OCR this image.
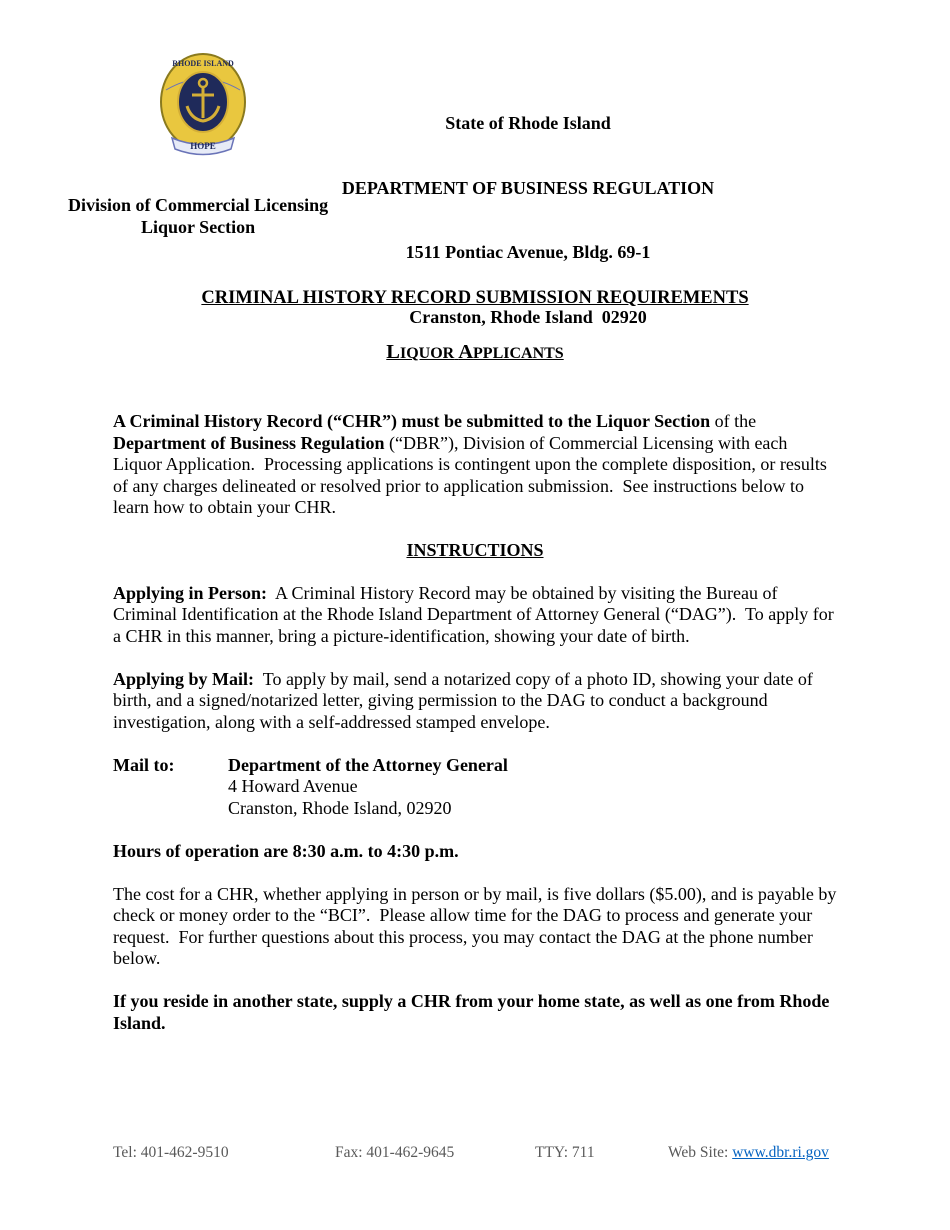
RHODE ISLAND
HOPE

State of Rhode Island

DEPARTMENT OF BUSINESS REGULATION

1511 Pontiac Avenue, Bldg. 69-1

Cranston, Rhode Island  02920

Division of Commercial Licensing
Liquor Section
CRIMINAL HISTORY RECORD SUBMISSION REQUIREMENTS
LIQUOR APPLICANTS

A Criminal History Record (“CHR”) must be submitted to the Liquor Section of the Department of Business Regulation (“DBR”), Division of Commercial Licensing with each Liquor Application.  Processing applications is contingent upon the complete disposition, or results of any charges delineated or resolved prior to application submission.  See instructions below to learn how to obtain your CHR.

INSTRUCTIONS

Applying in Person:  A Criminal History Record may be obtained by visiting the Bureau of Criminal Identification at the Rhode Island Department of Attorney General (“DAG”).  To apply for a CHR in this manner, bring a picture-identification, showing your date of birth.

Applying by Mail:  To apply by mail, send a notarized copy of a photo ID, showing your date of birth, and a signed/notarized letter, giving permission to the DAG to conduct a background investigation, along with a self-addressed stamped envelope.

Mail to:	Department of the Attorney General
4 Howard Avenue
Cranston, Rhode Island, 02920

Hours of operation are 8:30 a.m. to 4:30 p.m.

The cost for a CHR, whether applying in person or by mail, is five dollars ($5.00), and is payable by check or money order to the “BCI”.  Please allow time for the DAG to process and generate your request.  For further questions about this process, you may contact the DAG at the phone number below.

If you reside in another state, supply a CHR from your home state, as well as one from Rhode Island.

Tel: 401-462-9510	Fax: 401-462-9645	TTY: 711	Web Site: www.dbr.ri.gov
